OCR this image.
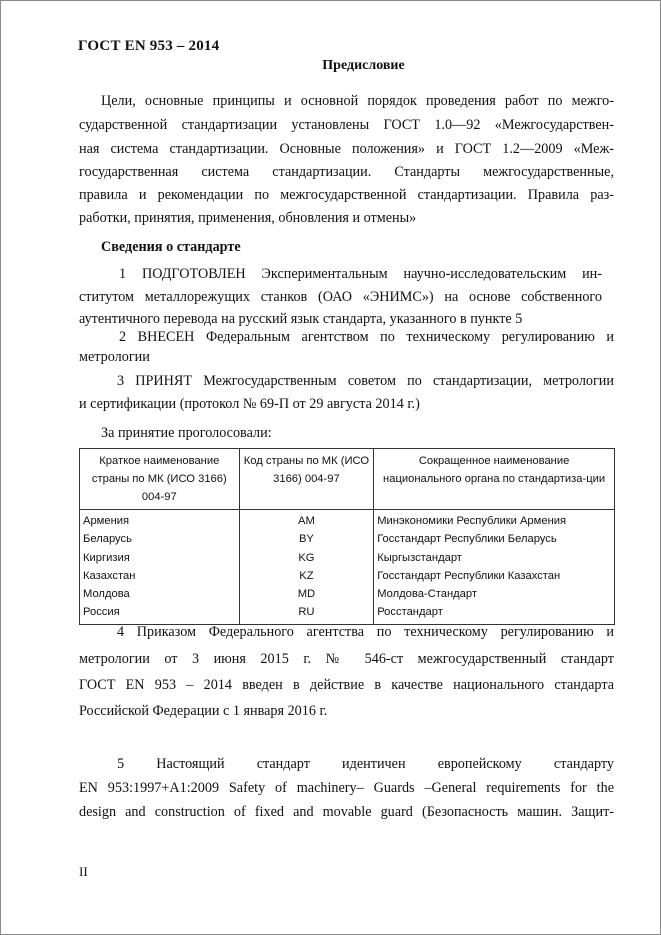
ГОСТ EN 953 – 2014
Предисловие
Цели, основные принципы и основной порядок проведения работ по межго-
сударственной стандартизации установлены ГОСТ 1.0—92 «Межгосударствен-
ная система стандартизации. Основные положения» и ГОСТ 1.2—2009 «Меж-
государственная система стандартизации. Стандарты межгосударственные,
правила и рекомендации по межгосударственной стандартизации. Правила раз-
работки, принятия, применения, обновления и отмены»
Сведения о стандарте
1 ПОДГОТОВЛЕН Экспериментальным научно-исследовательским ин-
ститутом металлорежущих станков (ОАО «ЭНИМС») на основе собственного
аутентичного перевода на русский язык стандарта, указанного в пункте 5
2 ВНЕСЕН Федеральным агентством по техническому регулированию и
метрологии
3 ПРИНЯТ Межгосударственным советом по стандартизации, метрологии
и сертификации (протокол № 69-П от 29 августа 2014 г.)
За принятие проголосовали:
Краткое наименование страны по МК (ИСО 3166) 004-97	Код страны по МК (ИСО 3166) 004-97	Сокращенное наименование национального органа по стандартиза-ции
Армения	AM	Минэкономики Республики Армения
Беларусь	BY	Госстандарт Республики Беларусь
Киргизия	KG	Кыргызстандарт
Казахстан	KZ	Госстандарт Республики Казахстан
Молдова	MD	Молдова-Стандарт
Россия	RU	Росстандарт
4 Приказом Федерального агентства по техническому регулированию и
метрологии от 3 июня 2015 г. № 546-ст межгосударственный стандарт
ГОСТ EN 953 – 2014 введен в действие в качестве национального стандарта
Российской Федерации с 1 января 2016 г.
5 Настоящий стандарт идентичен европейскому стандарту
EN 953:1997+A1:2009 Safety of machinery– Guards –General requirements for the
design and construction of fixed and movable guard (Безопасность машин. Защит-
II
